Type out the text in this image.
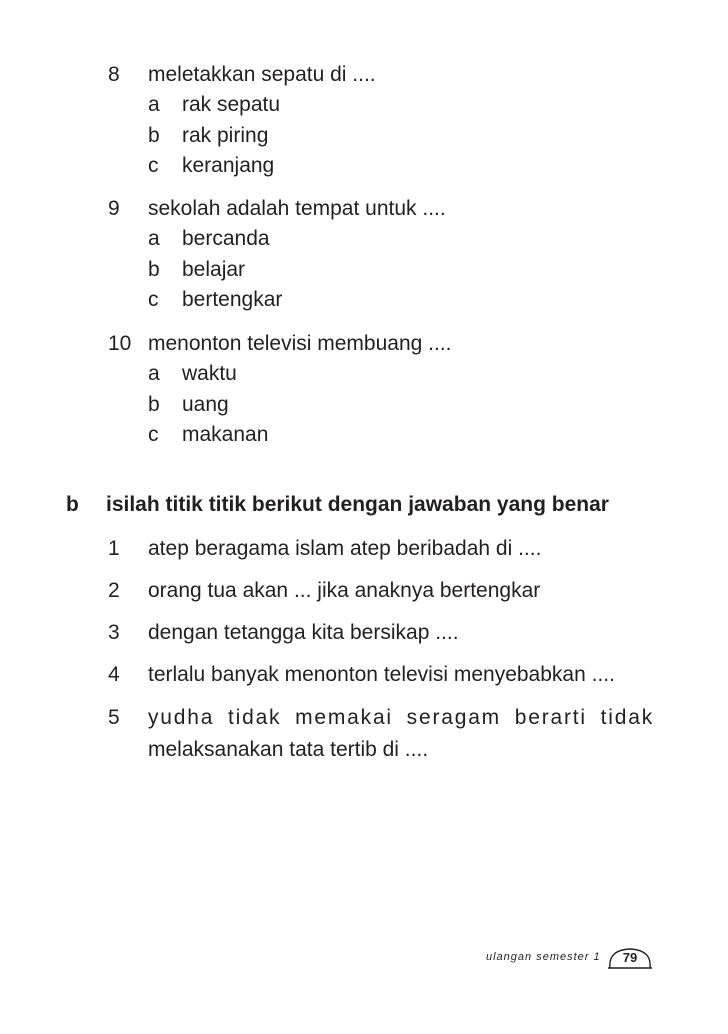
8 meletakkan sepatu di ....
a rak sepatu
b rak piring
c keranjang
9 sekolah adalah tempat untuk ....
a bercanda
b belajar
c bertengkar
10 menonton televisi membuang ....
a waktu
b uang
c makanan
b isilah titik titik berikut dengan jawaban yang benar
1 atep beragama islam atep beribadah di ....
2 orang tua akan ... jika anaknya bertengkar
3 dengan tetangga kita bersikap ....
4 terlalu banyak menonton televisi menyebabkan ....
5 yudha tidak memakai seragam berarti tidak
melaksanakan tata tertib di ....
ulangan semester 1	79
